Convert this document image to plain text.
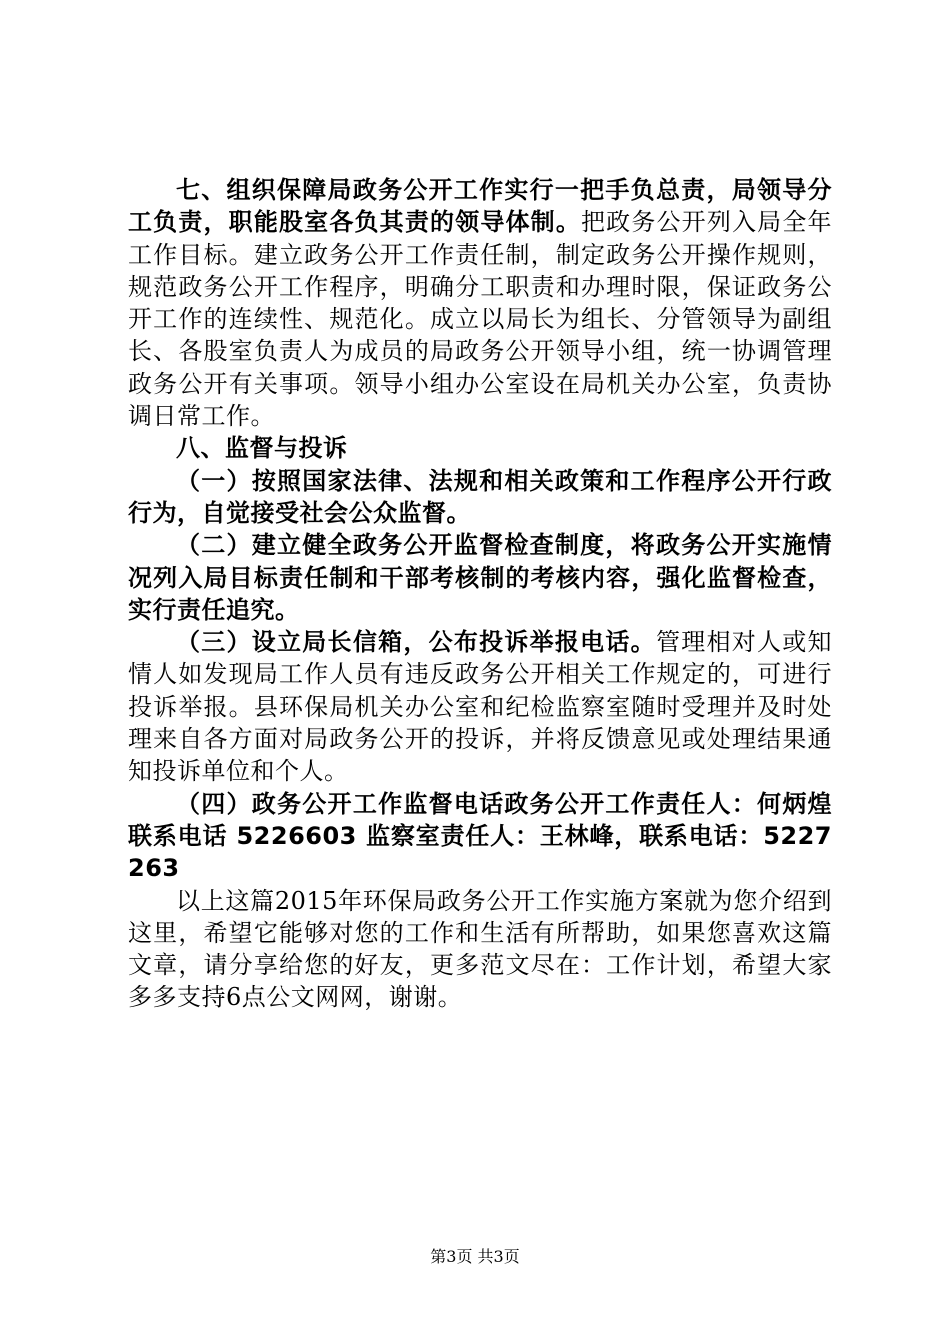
七、组织保障局政务公开工作实行一把手负总责，局领导分工负责，职能股室各负其责的领导体制。把政务公开列入局全年工作目标。建立政务公开工作责任制，制定政务公开操作规则，规范政务公开工作程序，明确分工职责和办理时限，保证政务公开工作的连续性、规范化。成立以局长为组长、分管领导为副组长、各股室负责人为成员的局政务公开领导小组，统一协调管理政务公开有关事项。领导小组办公室设在局机关办公室，负责协调日常工作。

八、监督与投诉

（一）按照国家法律、法规和相关政策和工作程序公开行政行为，自觉接受社会公众监督。

（二）建立健全政务公开监督检查制度，将政务公开实施情况列入局目标责任制和干部考核制的考核内容，强化监督检查，实行责任追究。

（三）设立局长信箱，公布投诉举报电话。管理相对人或知情人如发现局工作人员有违反政务公开相关工作规定的，可进行投诉举报。县环保局机关办公室和纪检监察室随时受理并及时处理来自各方面对局政务公开的投诉，并将反馈意见或处理结果通知投诉单位和个人。

（四）政务公开工作监督电话政务公开工作责任人：何炳煌联系电话 5226603 监察室责任人：王林峰，联系电话：5227263

以上这篇2015年环保局政务公开工作实施方案就为您介绍到这里，希望它能够对您的工作和生活有所帮助，如果您喜欢这篇文章，请分享给您的好友，更多范文尽在：工作计划，希望大家多多支持6点公文网网，谢谢。

第3页 共3页
